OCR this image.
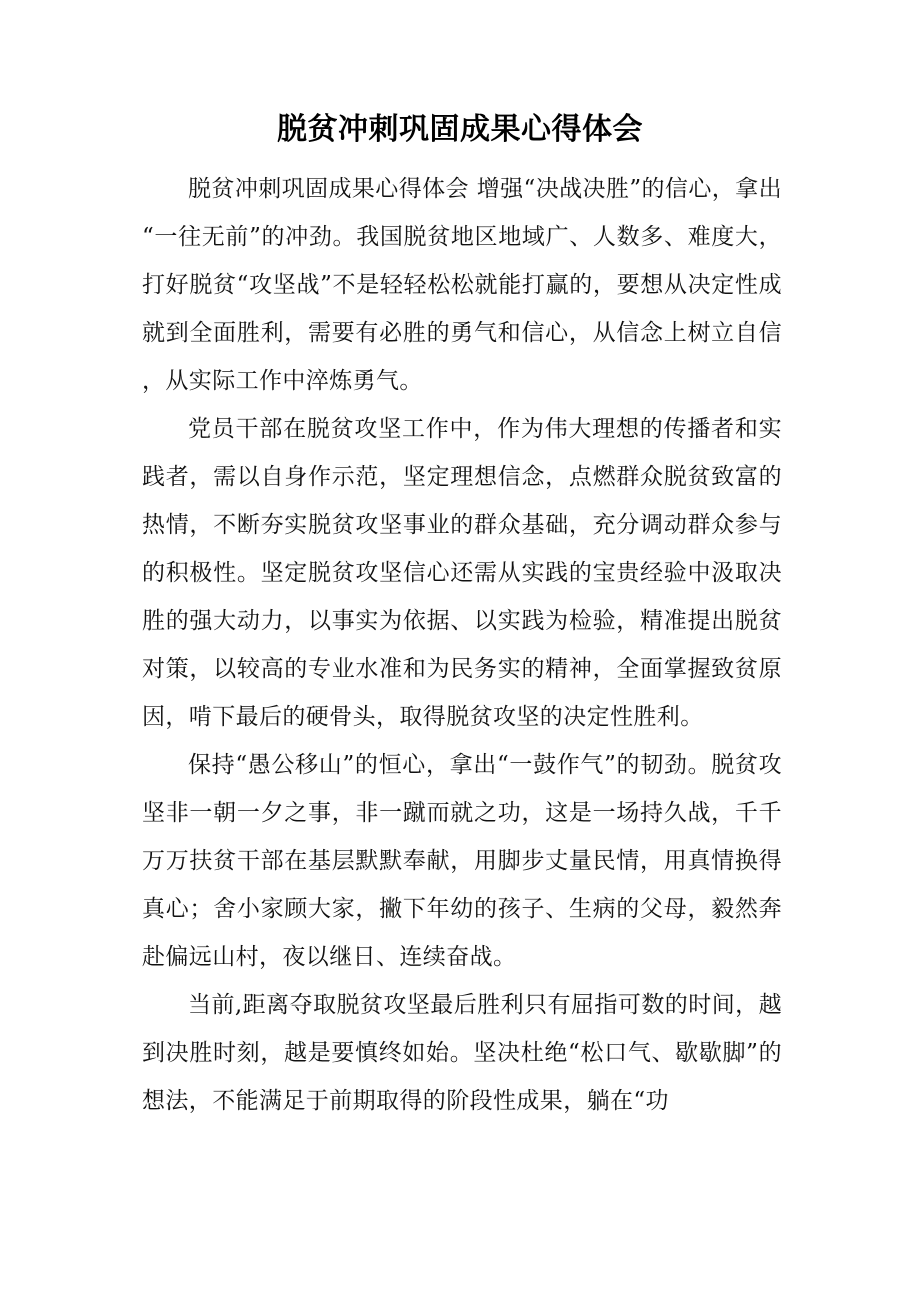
脱贫冲刺巩固成果心得体会

脱贫冲刺巩固成果心得体会 增强“决战决胜”的信心，拿出“一往无前”的冲劲。我国脱贫地区地域广、人数多、难度大，打好脱贫“攻坚战”不是轻轻松松就能打赢的，要想从决定性成就到全面胜利，需要有必胜的勇气和信心，从信念上树立自信，从实际工作中淬炼勇气。

党员干部在脱贫攻坚工作中，作为伟大理想的传播者和实践者，需以自身作示范，坚定理想信念，点燃群众脱贫致富的热情，不断夯实脱贫攻坚事业的群众基础，充分调动群众参与的积极性。坚定脱贫攻坚信心还需从实践的宝贵经验中汲取决胜的强大动力，以事实为依据、以实践为检验，精准提出脱贫对策，以较高的专业水准和为民务实的精神，全面掌握致贫原因，啃下最后的硬骨头，取得脱贫攻坚的决定性胜利。

保持“愚公移山”的恒心，拿出“一鼓作气”的韧劲。脱贫攻坚非一朝一夕之事，非一蹴而就之功，这是一场持久战，千千万万扶贫干部在基层默默奉献，用脚步丈量民情，用真情换得真心；舍小家顾大家，撇下年幼的孩子、生病的父母，毅然奔赴偏远山村，夜以继日、连续奋战。

当前,距离夺取脱贫攻坚最后胜利只有屈指可数的时间，越到决胜时刻，越是要慎终如始。坚决杜绝“松口气、歇歇脚”的想法，不能满足于前期取得的阶段性成果，躺在“功
